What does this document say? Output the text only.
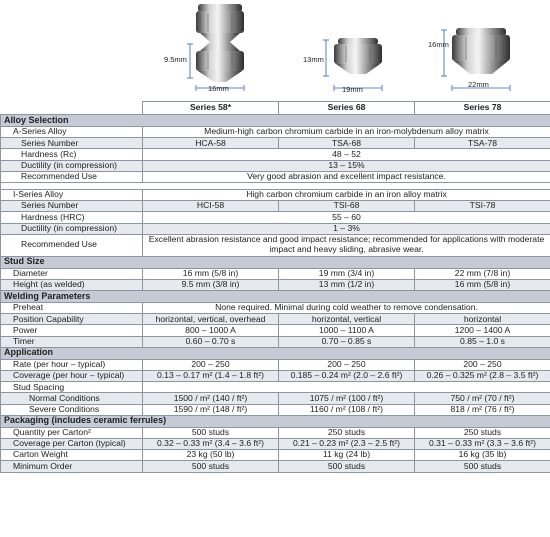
9.5mm
16mm
13mm
19mm
16mm
22mm
	Series 58*	Series 68	Series 78
Alloy Selection			
A-Series Alloy	Medium-high carbon chromium carbide in an iron-molybdenum alloy matrix		
Series Number	HCA-58	TSA-68	TSA-78
Hardness (Rc)	48 – 52		
Ductility (in compression)	13 – 15%		
Recommended Use	Very good abrasion and excellent impact resistance.		

I-Series Alloy	High carbon chromium carbide in an iron alloy matrix		
Series Number	HCI-58	TSI-68	TSI-78
Hardness (HRC)	55 – 60		
Ductility (in compression)	1 – 3%		
Recommended Use	Excellent abrasion resistance and good impact resistance; recommended for applications with moderate impact and heavy sliding, abrasive wear.		
Stud Size			
Diameter	16 mm (5/8 in)	19 mm (3/4 in)	22 mm (7/8 in)
Height (as welded)	9.5 mm (3/8 in)	13 mm (1/2 in)	16 mm (5/8 in)
Welding Parameters			
Preheat	None required. Minimal during cold weather to remove condensation.		
Position Capability	horizontal, vertical, overhead	horizontal, vertical	horizontal
Power	800 – 1000 A	1000 – 1100 A	1200 – 1400 A
Timer	0.60 – 0.70 s	0.70 – 0.85 s	0.85 – 1.0 s
Application			
Rate (per hour – typical)	200 – 250	200 – 250	200 – 250
Coverage (per hour – typical)	0.13 – 0.17 m² (1.4 – 1.8 ft²)	0.185 – 0.24 m² (2.0 – 2.6 ft²)	0.26 – 0.325 m² (2.8 – 3.5 ft²)
Stud Spacing			
Normal Conditions	1500 / m² (140 / ft²)	1075 / m² (100 / ft²)	750 / m² (70 / ft²)
Severe Conditions	1590 / m² (148 / ft²)	1160 / m² (108 / ft²)	818 / m² (76 / ft²)
Packaging (includes ceramic ferrules)			
Quantity per Carton²	500 studs	250 studs	250 studs
Coverage per Carton (typical)	0.32 – 0.33 m² (3.4 – 3.6 ft²)	0.21 – 0.23 m² (2.3 – 2.5 ft²)	0.31 – 0.33 m² (3.3 – 3.6 ft²)
Carton Weight	23 kg (50 lb)	11 kg (24 lb)	16 kg (35 lb)
Minimum Order	500 studs	500 studs	500 studs
